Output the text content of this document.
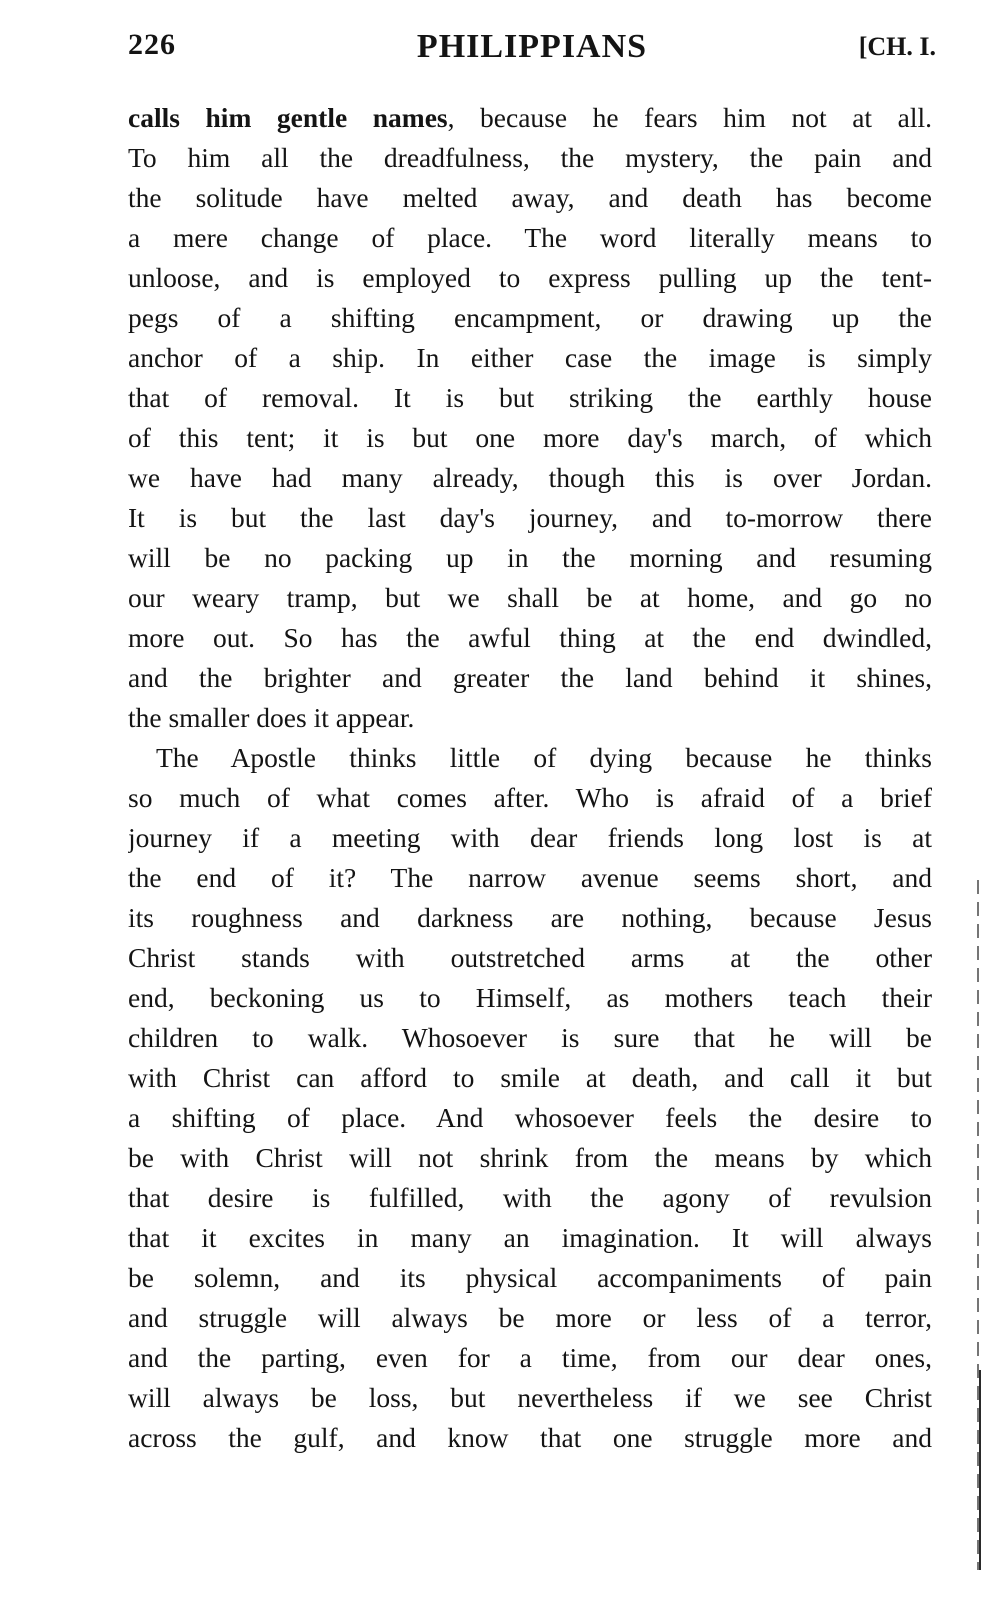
226	PHILIPPIANS	[CH. I.
calls him gentle names, because he fears him not at all.
To him all the dreadfulness, the mystery, the pain and
the solitude have melted away, and death has become
a mere change of place. The word literally means to
unloose, and is employed to express pulling up the tent-
pegs of a shifting encampment, or drawing up the
anchor of a ship. In either case the image is simply
that of removal. It is but striking the earthly house
of this tent; it is but one more day's march, of which
we have had many already, though this is over Jordan.
It is but the last day's journey, and to-morrow there
will be no packing up in the morning and resuming
our weary tramp, but we shall be at home, and go no
more out. So has the awful thing at the end dwindled,
and the brighter and greater the land behind it shines,
the smaller does it appear.
The Apostle thinks little of dying because he thinks
so much of what comes after. Who is afraid of a brief
journey if a meeting with dear friends long lost is at
the end of it? The narrow avenue seems short, and
its roughness and darkness are nothing, because Jesus
Christ stands with outstretched arms at the other
end, beckoning us to Himself, as mothers teach their
children to walk. Whosoever is sure that he will be
with Christ can afford to smile at death, and call it but
a shifting of place. And whosoever feels the desire to
be with Christ will not shrink from the means by which
that desire is fulfilled, with the agony of revulsion
that it excites in many an imagination. It will always
be solemn, and its physical accompaniments of pain
and struggle will always be more or less of a terror,
and the parting, even for a time, from our dear ones,
will always be loss, but nevertheless if we see Christ
across the gulf, and know that one struggle more and
